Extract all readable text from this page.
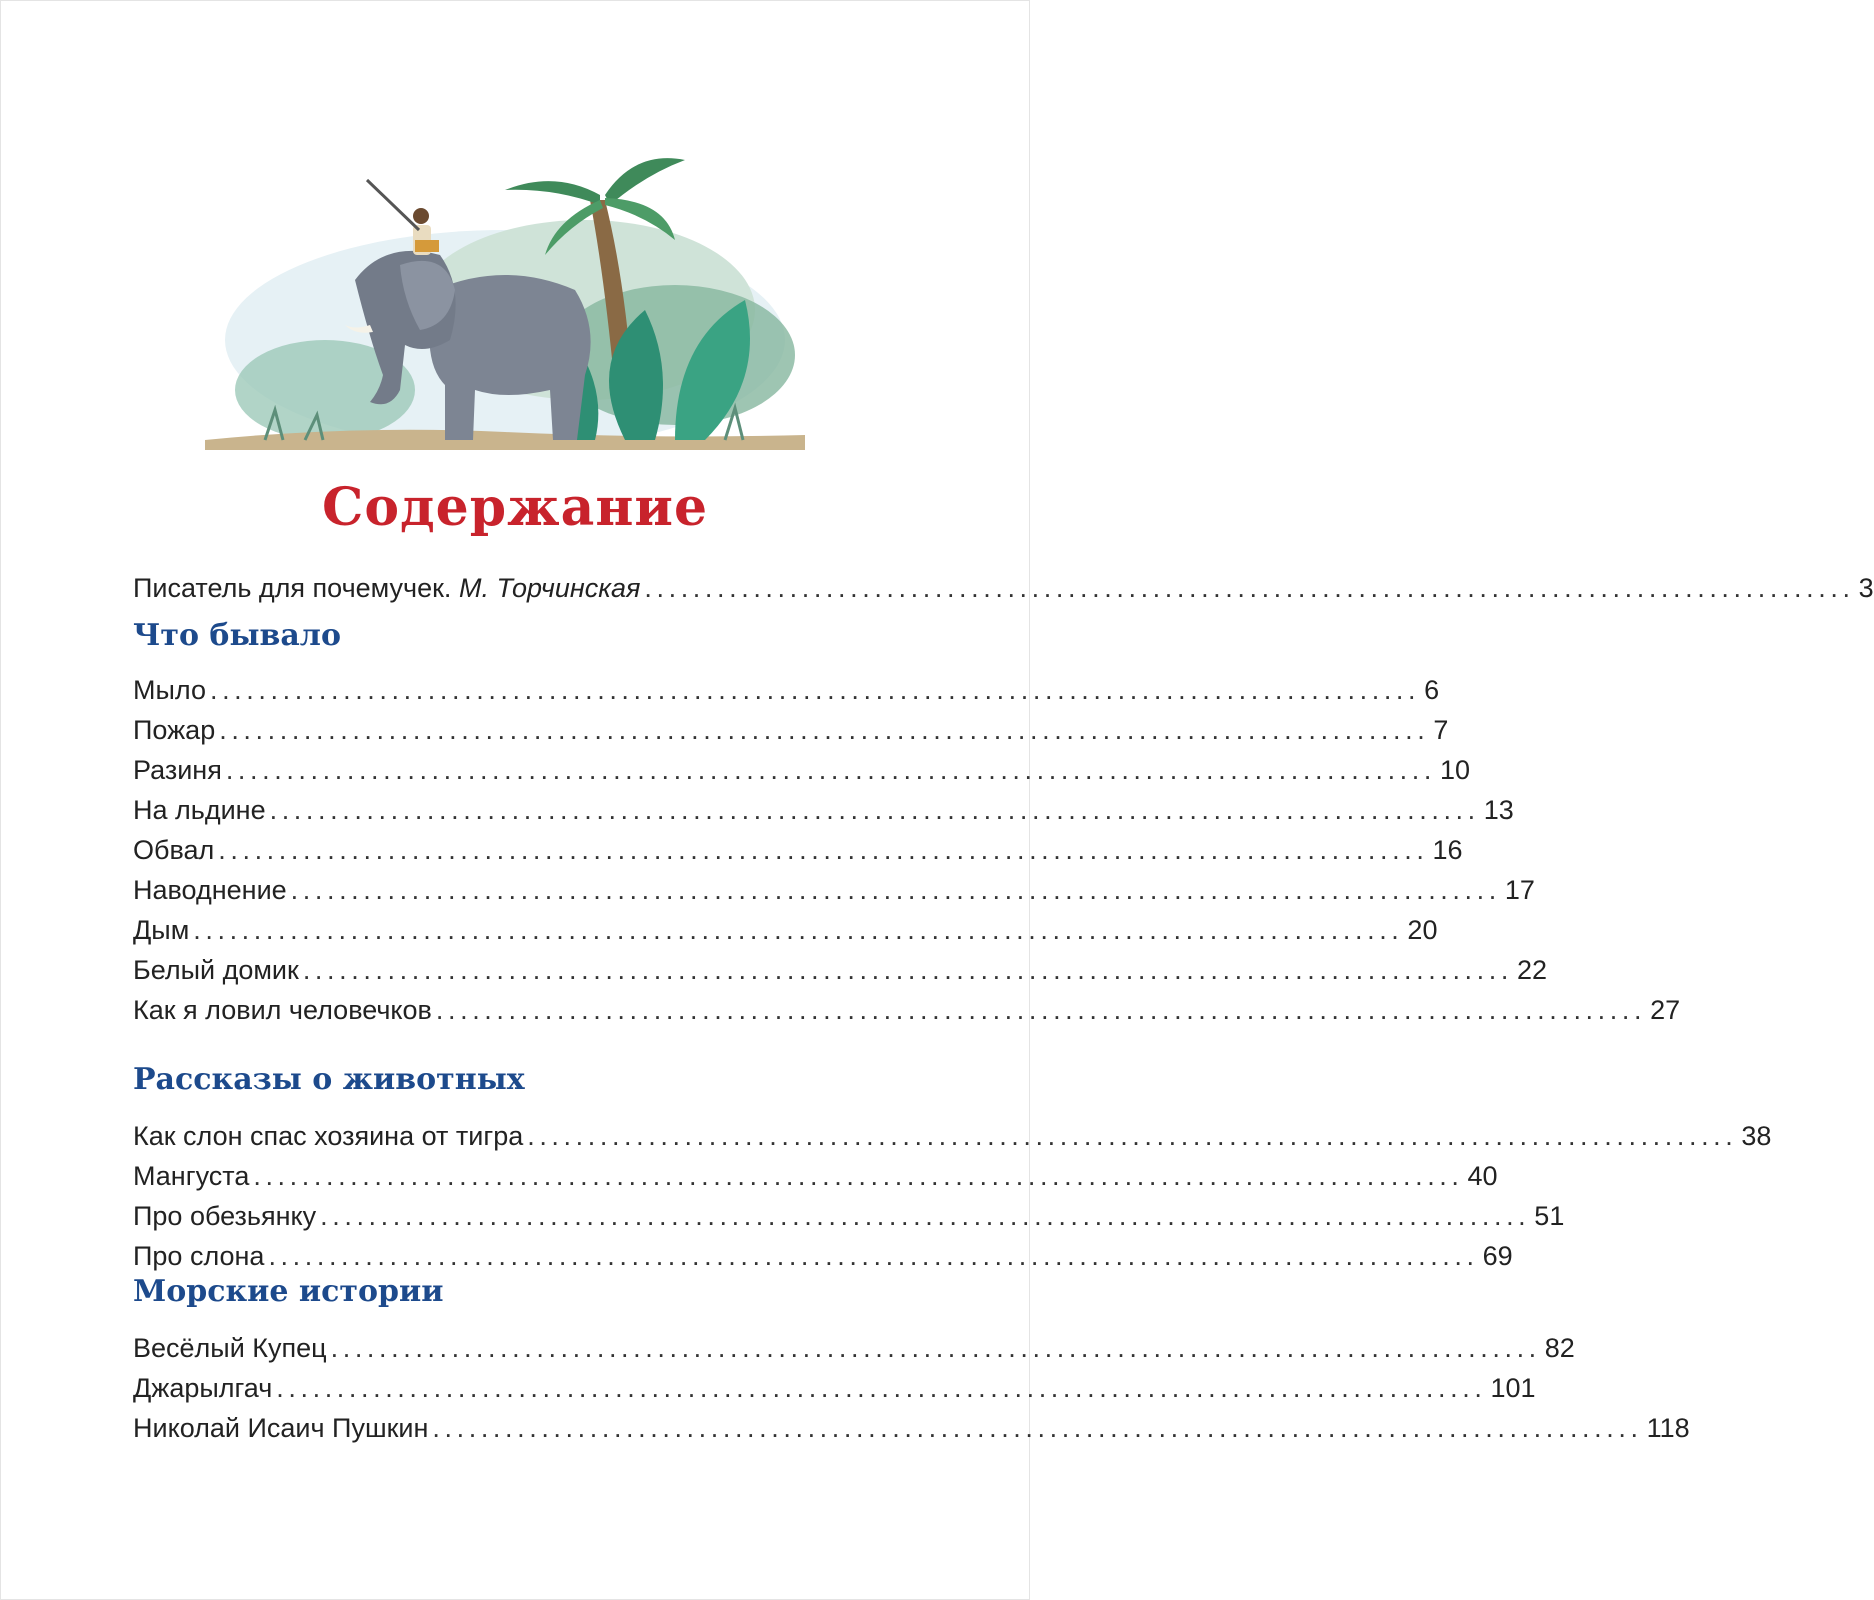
Содержание
Писатель для почемучек. М. Торчинская .................................................................................................... 3
Что бывало
Мыло .................................................................................................... 6
Пожар .................................................................................................... 7
Разиня .................................................................................................... 10
На льдине .................................................................................................... 13
Обвал .................................................................................................... 16
Наводнение .................................................................................................... 17
Дым .................................................................................................... 20
Белый домик .................................................................................................... 22
Как я ловил человечков .................................................................................................... 27
Рассказы о животных
Как слон спас хозяина от тигра .................................................................................................... 38
Мангуста .................................................................................................... 40
Про обезьянку .................................................................................................... 51
Про слона .................................................................................................... 69
Морские истории
Весёлый Купец .................................................................................................... 82
Джарылгач .................................................................................................... 101
Николай Исаич Пушкин .................................................................................................... 118
